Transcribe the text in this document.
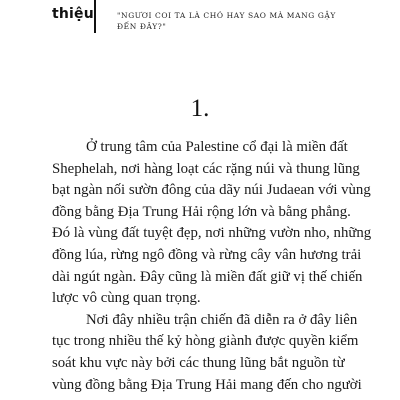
thiệu	"NGƯƠI COI TA LÀ CHÓ HAY SAO MÀ MANG GẬY
ĐẾN ĐÂY?"
1.
Ở trung tâm của Palestine cổ đại là miền đất
Shephelah, nơi hàng loạt các rặng núi và thung lũng
bạt ngàn nối sườn đông của dãy núi Judaean với vùng
đồng bằng Địa Trung Hải rộng lớn và bằng phẳng.
Đó là vùng đất tuyệt đẹp, nơi những vườn nho, những
đồng lúa, rừng ngô đồng và rừng cây vân hương trải
dài ngút ngàn. Đây cũng là miền đất giữ vị thế chiến
lược vô cùng quan trọng.
Nơi đây nhiều trận chiến đã diễn ra ở đây liên
tục trong nhiều thế kỷ hòng giành được quyền kiểm
soát khu vực này bởi các thung lũng bắt nguồn từ
vùng đồng bằng Địa Trung Hải mang đến cho người
